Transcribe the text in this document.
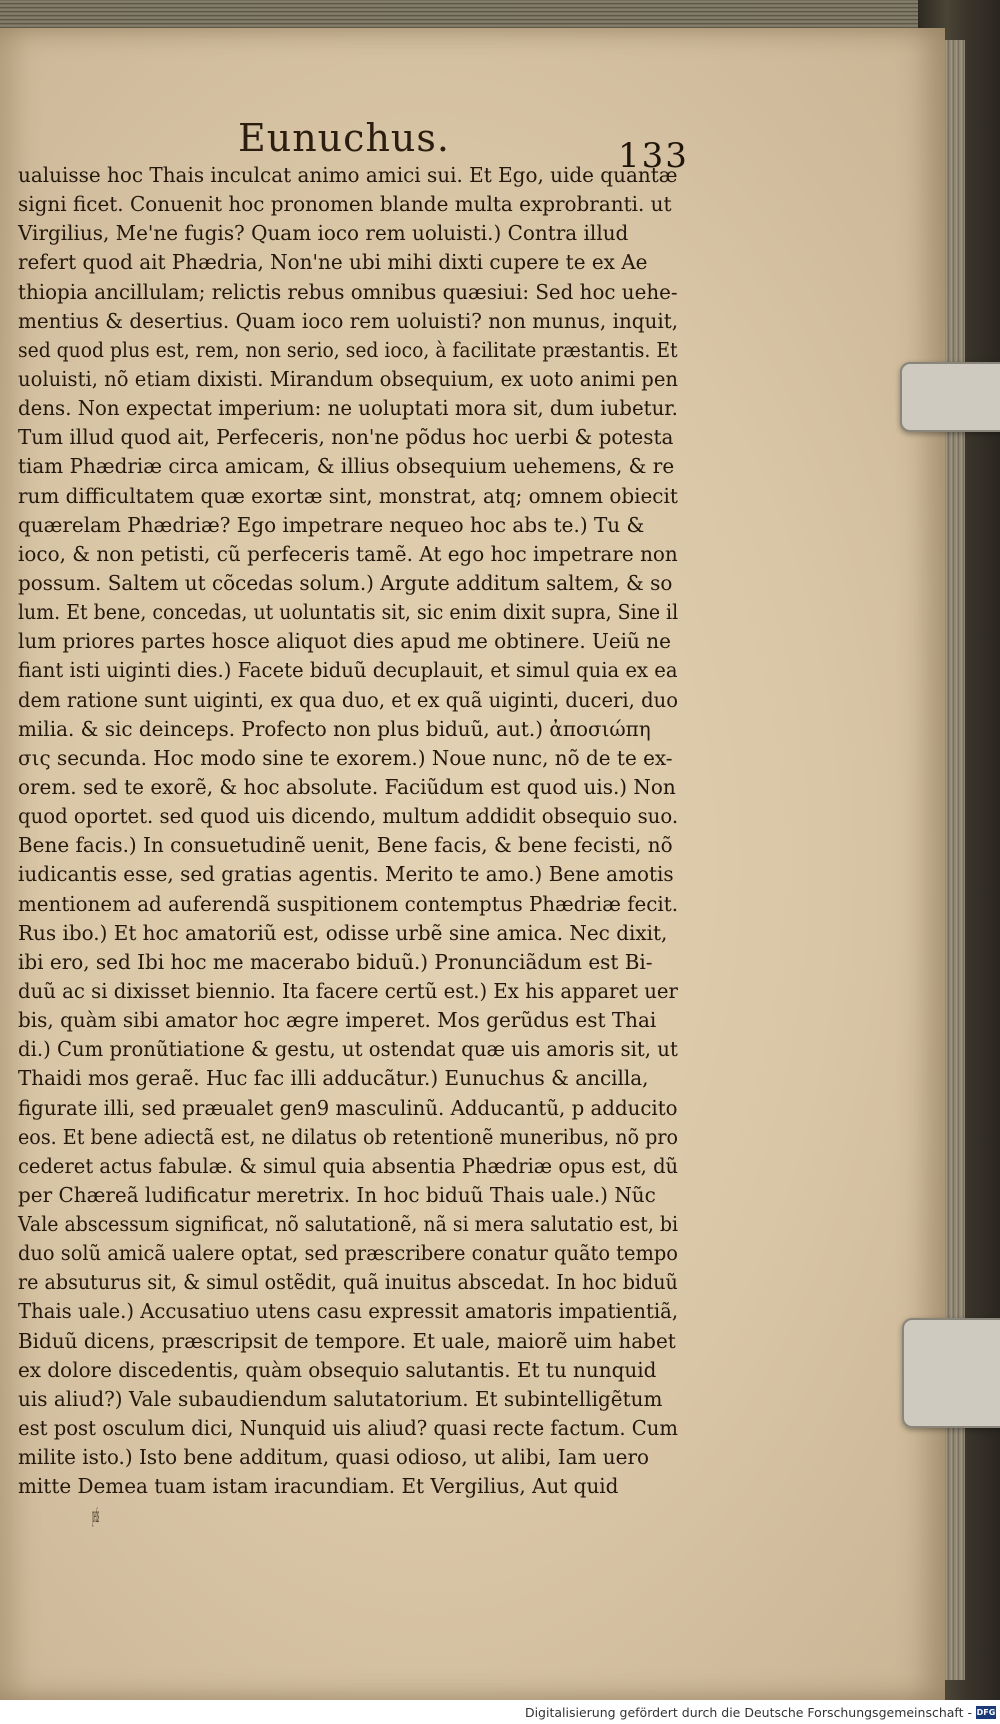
Eunuchus.	133
ualuisse hoc Thais inculcat animo amici sui. Et Ego, uide quantæ
signi ficet. Conuenit hoc pronomen blande multa exprobranti. ut
Virgilius, Me'ne fugis? Quam ioco rem uoluisti.) Contra illud
refert quod ait Phædria, Non'ne ubi mihi dixti cupere te ex Ae
thiopia ancillulam; relictis rebus omnibus quæsiui: Sed hoc uehe-
mentius & desertius. Quam ioco rem uoluisti? non munus, inquit,
sed quod plus est, rem, non serio, sed ioco, à facilitate præstantis. Et
uoluisti, nõ etiam dixisti. Mirandum obsequium, ex uoto animi pen
dens. Non expectat imperium: ne uoluptati mora sit, dum iubetur.
Tum illud quod ait, Perfeceris, non'ne põdus hoc uerbi & potesta
tiam Phædriæ circa amicam, & illius obsequium uehemens, & re
rum difficultatem quæ exortæ sint, monstrat, atq; omnem obiecit
quærelam Phædriæ? Ego impetrare nequeo hoc abs te.) Tu &
ioco, & non petisti, cũ perfeceris tamẽ. At ego hoc impetrare non
possum. Saltem ut cõcedas solum.) Argute additum saltem, & so
lum. Et bene, concedas, ut uoluntatis sit, sic enim dixit supra, Sine il
lum priores partes hosce aliquot dies apud me obtinere. Ueiũ ne
fiant isti uiginti dies.) Facete biduũ decuplauit, et simul quia ex ea
dem ratione sunt uiginti, ex qua duo, et ex quã uiginti, duceri, duo
milia. & sic deinceps. Profecto non plus biduũ, aut.) ἀποσιώπη
σις secunda. Hoc modo sine te exorem.) Noue nunc, nõ de te ex-
orem. sed te exorẽ, & hoc absolute. Faciũdum est quod uis.) Non
quod oportet. sed quod uis dicendo, multum addidit obsequio suo.
Bene facis.) In consuetudinẽ uenit, Bene facis, & bene fecisti, nõ
iudicantis esse, sed gratias agentis. Merito te amo.) Bene amotis
mentionem ad auferendã suspitionem contemptus Phædriæ fecit.
Rus ibo.) Et hoc amatoriũ est, odisse urbẽ sine amica. Nec dixit,
ibi ero, sed Ibi hoc me macerabo biduũ.) Pronunciãdum est Bi-
duũ ac si dixisset biennio. Ita facere certũ est.) Ex his apparet uer
bis, quàm sibi amator hoc ægre imperet. Mos gerũdus est Thai
di.) Cum pronũtiatione & gestu, ut ostendat quæ uis amoris sit, ut
Thaidi mos geraẽ. Huc fac illi adducãtur.) Eunuchus & ancilla,
figurate illi, sed præualet gen9 masculinũ. Adducantũ, p adducito
eos. Et bene adiectã est, ne dilatus ob retentionẽ muneribus, nõ pro
cederet actus fabulæ. & simul quia absentia Phædriæ opus est, dũ
per Chæreã ludificatur meretrix. In hoc biduũ Thais uale.) Nũc
Vale abscessum significat, nõ salutationẽ, nã si mera salutatio est, bi
duo solũ amicã ualere optat, sed præscribere conatur quãto tempo
re absuturus sit, & simul ostẽdit, quã inuitus abscedat. In hoc biduũ
Thais uale.) Accusatiuo utens casu expressit amatoris impatientiã,
Biduũ dicens, præscripsit de tempore. Et uale, maiorẽ uim habet
ex dolore discedentis, quàm obsequio salutantis. Et tu nunquid
uis aliud?) Vale subaudiendum salutatorium. Et subintelligẽtum
est post osculum dici, Nunquid uis aliud? quasi recte factum. Cum
milite isto.) Isto bene additum, quasi odioso, ut alibi, Iam uero
mitte Demea tuam istam iracundiam. Et Vergilius, Aut quid
petis
Digitalisierung gefördert durch die Deutsche Forschungsgemeinschaft - DFG
